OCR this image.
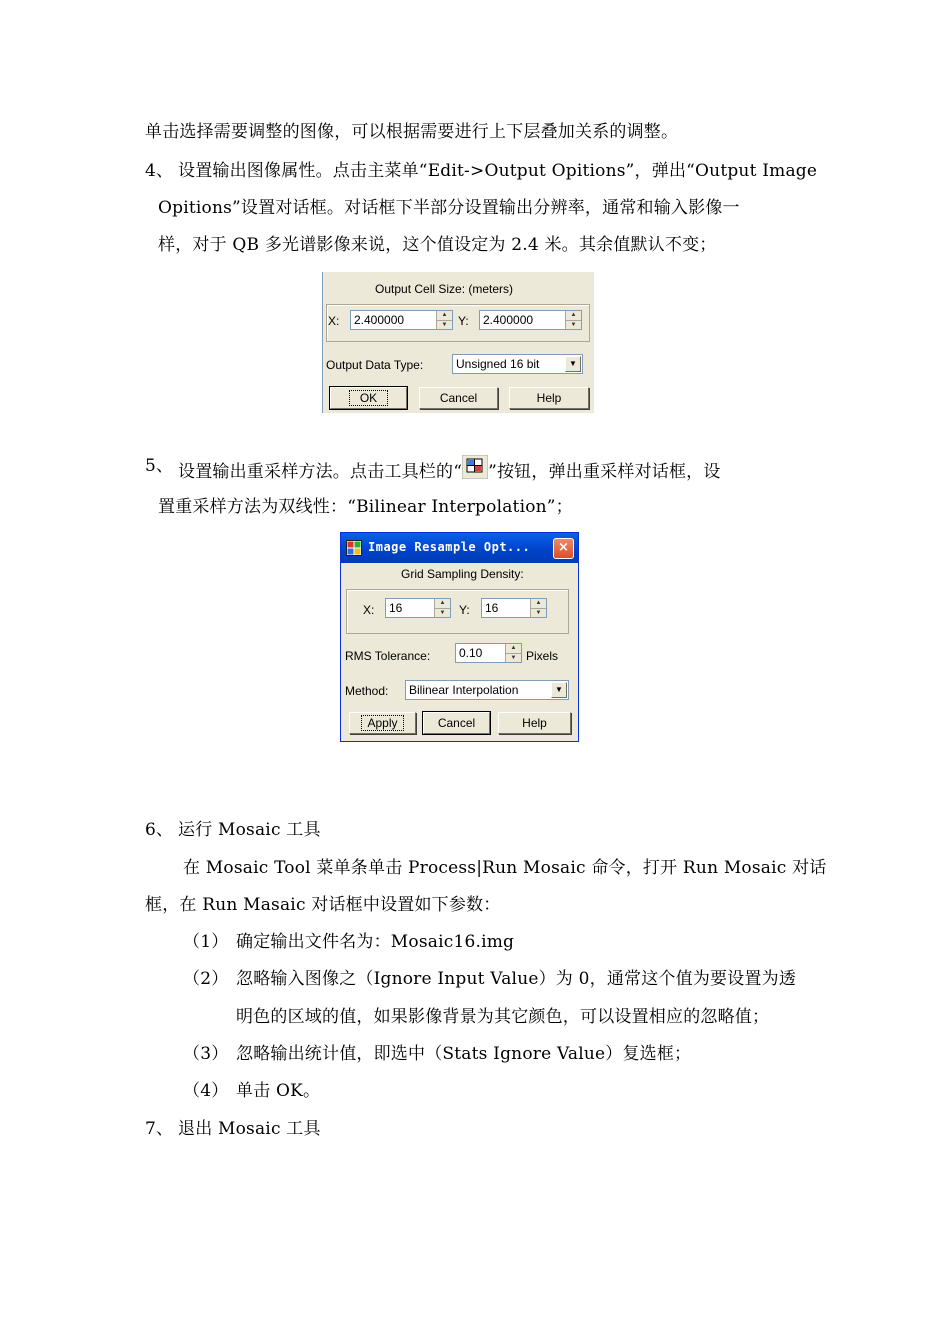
单击选择需要调整的图像，可以根据需要进行上下层叠加关系的调整。
4、 设置输出图像属性。点击主菜单“Edit->Output Opitions”，弹出“Output Image
Opitions”设置对话框。对话框下半部分设置输出分辨率，通常和输入影像一
样，对于 QB 多光谱影像来说，这个值设定为 2.4 米。其余值默认不变；
Output Cell Size: (meters)
X: 2.400000	▲
▼ Y: 2.400000	▲
▼
Output Data Type:	Unsigned 16 bit	▼
OK	Cancel	Help
5、 设置输出重采样方法。点击工具栏的“ ”按钮，弹出重采样对话框，设
置重采样方法为双线性：“Bilinear Interpolation”；
Image Resample Opt...	×
Grid Sampling Density:
X: 16	▲
▼	Y: 16	▲
▼
RMS Tolerance: 0.10	▲
▼ Pixels
Method: Bilinear Interpolation	▼
Apply	Cancel	Help
6、 运行 Mosaic 工具
在 Mosaic Tool 菜单条单击 Process|Run Mosaic 命令，打开 Run Mosaic 对话
框，在 Run Masaic 对话框中设置如下参数：
（1） 确定输出文件名为：Mosaic16.img
（2） 忽略输入图像之（Ignore Input Value）为 0，通常这个值为要设置为透
明色的区域的值，如果影像背景为其它颜色，可以设置相应的忽略值；
（3） 忽略输出统计值，即选中（Stats Ignore Value）复选框；
（4） 单击 OK。
7、 退出 Mosaic 工具
